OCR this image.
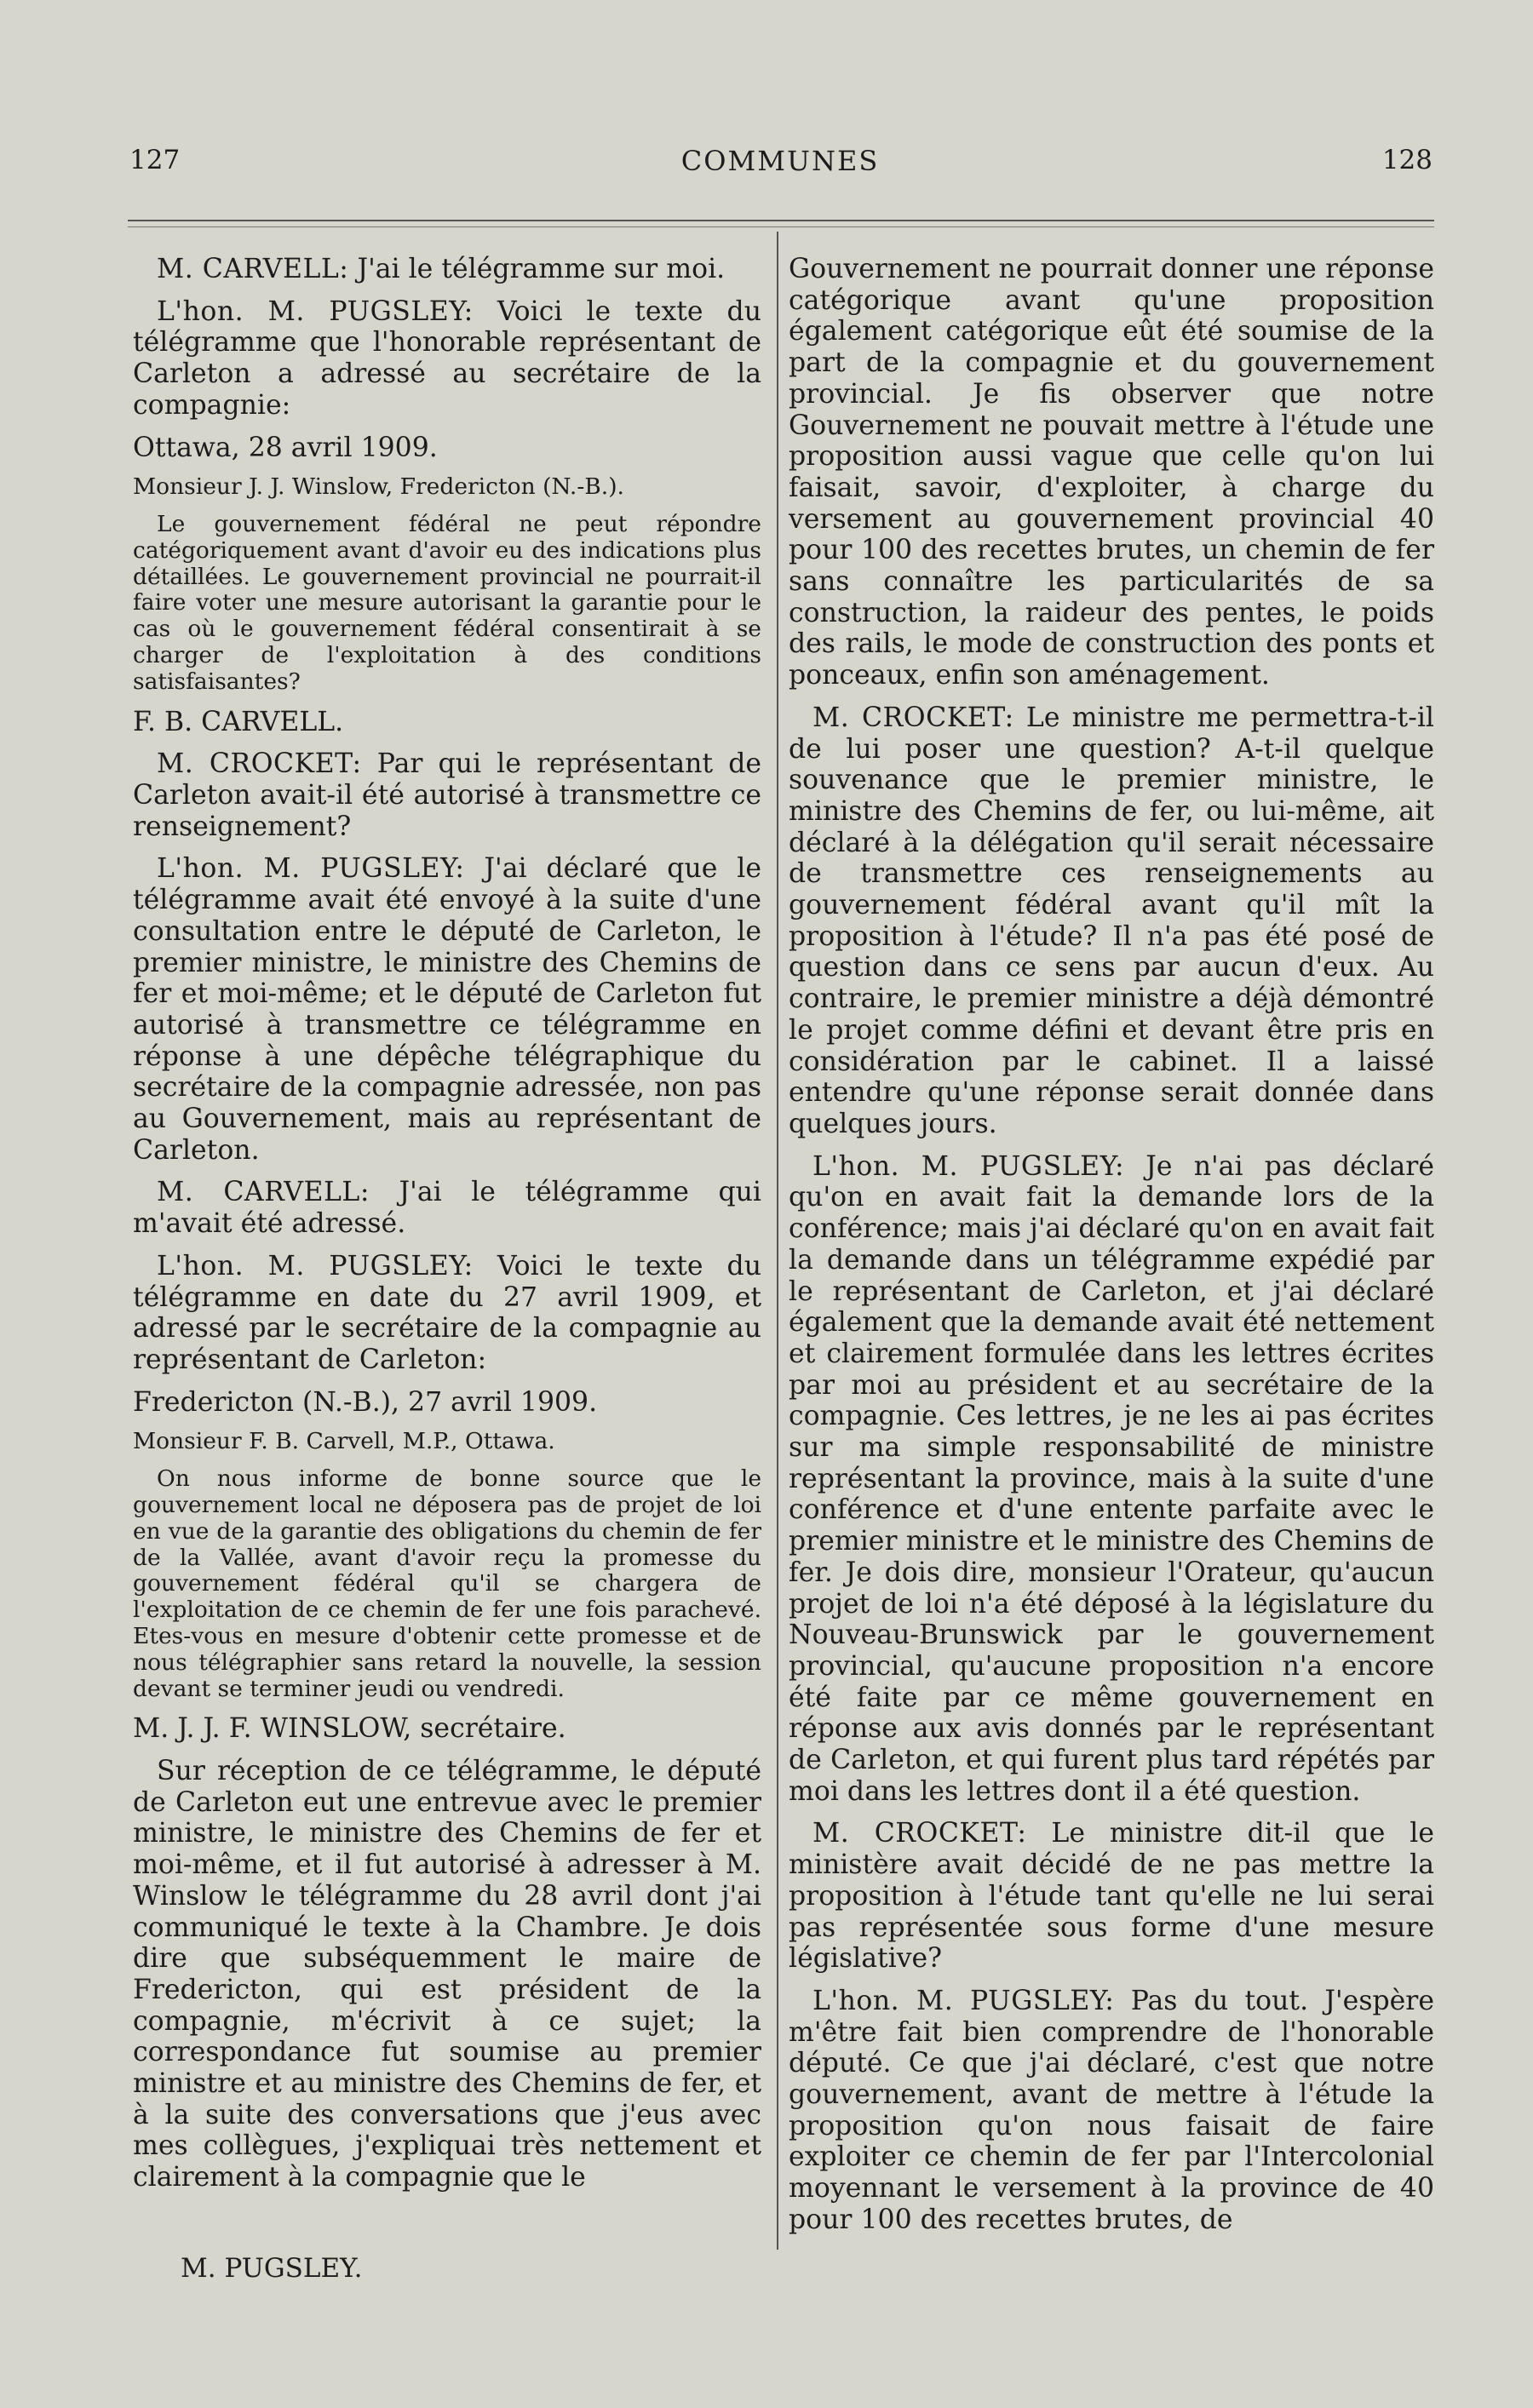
127	COMMUNES	128

M. CARVELL: J'ai le télégramme sur moi.

L'hon. M. PUGSLEY: Voici le texte du télégramme que l'honorable représentant de Carleton a adressé au secrétaire de la compagnie:

Ottawa, 28 avril 1909.

Monsieur J. J. Winslow, Fredericton (N.-B.).

Le gouvernement fédéral ne peut répondre catégoriquement avant d'avoir eu des indications plus détaillées. Le gouvernement provincial ne pourrait-il faire voter une mesure autorisant la garantie pour le cas où le gouvernement fédéral consentirait à se charger de l'exploitation à des conditions satisfaisantes?

F. B. CARVELL.

M. CROCKET: Par qui le représentant de Carleton avait-il été autorisé à transmettre ce renseignement?

L'hon. M. PUGSLEY: J'ai déclaré que le télégramme avait été envoyé à la suite d'une consultation entre le député de Carleton, le premier ministre, le ministre des Chemins de fer et moi-même; et le député de Carleton fut autorisé à transmettre ce télégramme en réponse à une dépêche télégraphique du secrétaire de la compagnie adressée, non pas au Gouvernement, mais au représentant de Carleton.

M. CARVELL: J'ai le télégramme qui m'avait été adressé.

L'hon. M. PUGSLEY: Voici le texte du télégramme en date du 27 avril 1909, et adressé par le secrétaire de la compagnie au représentant de Carleton:

Fredericton (N.-B.), 27 avril 1909.

Monsieur F. B. Carvell, M.P., Ottawa.

On nous informe de bonne source que le gouvernement local ne déposera pas de projet de loi en vue de la garantie des obligations du chemin de fer de la Vallée, avant d'avoir reçu la promesse du gouvernement fédéral qu'il se chargera de l'exploitation de ce chemin de fer une fois parachevé. Etes-vous en mesure d'obtenir cette promesse et de nous télégraphier sans retard la nouvelle, la session devant se terminer jeudi ou vendredi.

M. J. J. F. WINSLOW, secrétaire.

Sur réception de ce télégramme, le député de Carleton eut une entrevue avec le premier ministre, le ministre des Chemins de fer et moi-même, et il fut autorisé à adresser à M. Winslow le télégramme du 28 avril dont j'ai communiqué le texte à la Chambre. Je dois dire que subséquemment le maire de Fredericton, qui est président de la compagnie, m'écrivit à ce sujet; la correspondance fut soumise au premier ministre et au ministre des Chemins de fer, et à la suite des conversations que j'eus avec mes collègues, j'expliquai très nettement et clairement à la compagnie que le

Gouvernement ne pourrait donner une réponse catégorique avant qu'une proposition également catégorique eût été soumise de la part de la compagnie et du gouvernement provincial. Je fis observer que notre Gouvernement ne pouvait mettre à l'étude une proposition aussi vague que celle qu'on lui faisait, savoir, d'exploiter, à charge du versement au gouvernement provincial 40 pour 100 des recettes brutes, un chemin de fer sans connaître les particularités de sa construction, la raideur des pentes, le poids des rails, le mode de construction des ponts et ponceaux, enfin son aménagement.

M. CROCKET: Le ministre me permettra-t-il de lui poser une question? A-t-il quelque souvenance que le premier ministre, le ministre des Chemins de fer, ou lui-même, ait déclaré à la délégation qu'il serait nécessaire de transmettre ces renseignements au gouvernement fédéral avant qu'il mît la proposition à l'étude? Il n'a pas été posé de question dans ce sens par aucun d'eux. Au contraire, le premier ministre a déjà démontré le projet comme défini et devant être pris en considération par le cabinet. Il a laissé entendre qu'une réponse serait donnée dans quelques jours.

L'hon. M. PUGSLEY: Je n'ai pas déclaré qu'on en avait fait la demande lors de la conférence; mais j'ai déclaré qu'on en avait fait la demande dans un télégramme expédié par le représentant de Carleton, et j'ai déclaré également que la demande avait été nettement et clairement formulée dans les lettres écrites par moi au président et au secrétaire de la compagnie. Ces lettres, je ne les ai pas écrites sur ma simple responsabilité de ministre représentant la province, mais à la suite d'une conférence et d'une entente parfaite avec le premier ministre et le ministre des Chemins de fer. Je dois dire, monsieur l'Orateur, qu'aucun projet de loi n'a été déposé à la législature du Nouveau-Brunswick par le gouvernement provincial, qu'aucune proposition n'a encore été faite par ce même gouvernement en réponse aux avis donnés par le représentant de Carleton, et qui furent plus tard répétés par moi dans les lettres dont il a été question.

M. CROCKET: Le ministre dit-il que le ministère avait décidé de ne pas mettre la proposition à l'étude tant qu'elle ne lui serai pas représentée sous forme d'une mesure législative?

L'hon. M. PUGSLEY: Pas du tout. J'espère m'être fait bien comprendre de l'honorable député. Ce que j'ai déclaré, c'est que notre gouvernement, avant de mettre à l'étude la proposition qu'on nous faisait de faire exploiter ce chemin de fer par l'Intercolonial moyennant le versement à la province de 40 pour 100 des recettes brutes, de

M. PUGSLEY.
